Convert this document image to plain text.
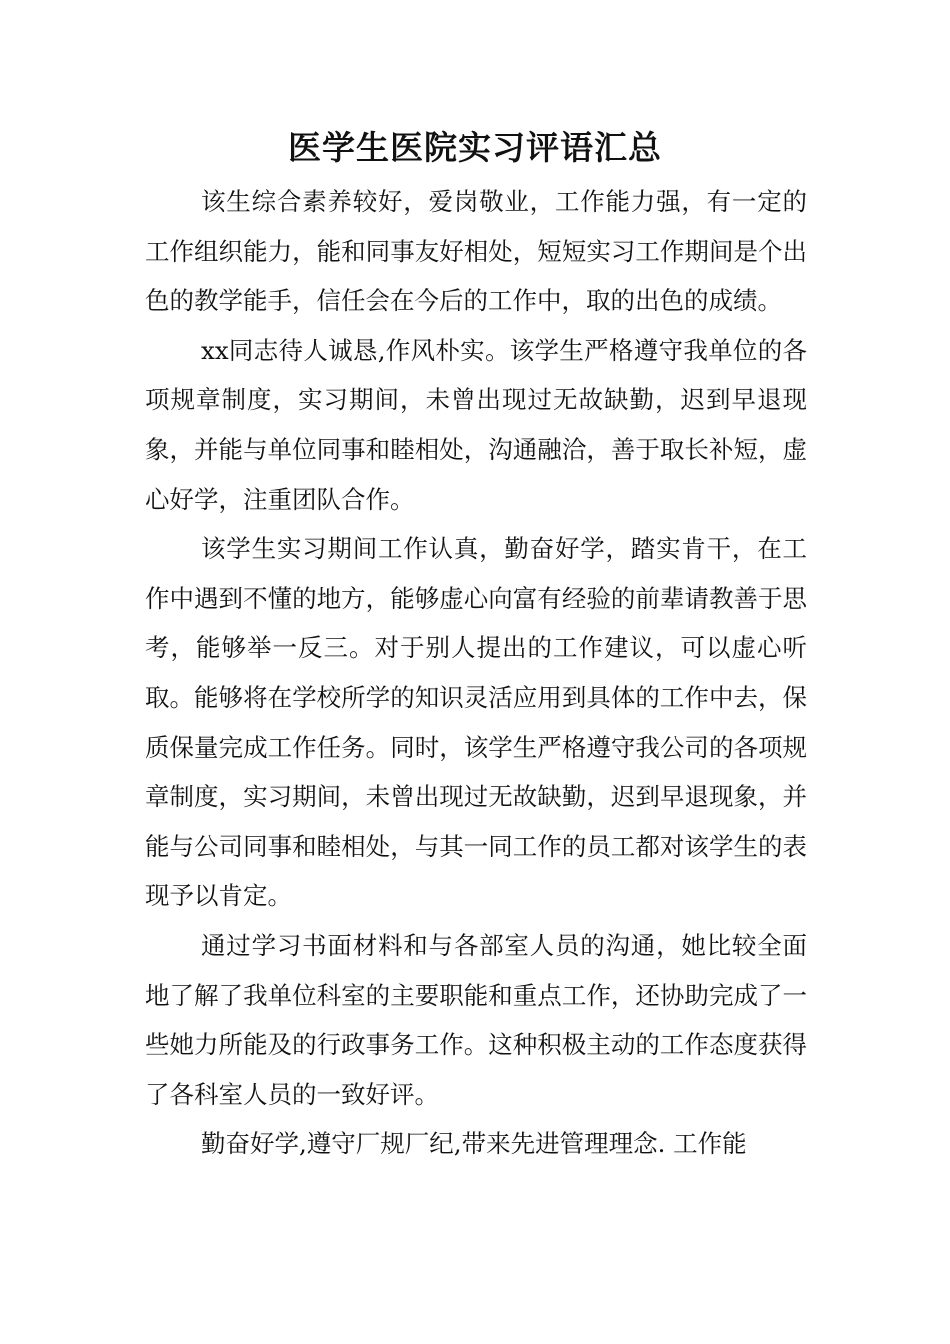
医学生医院实习评语汇总

该生综合素养较好，爱岗敬业，工作能力强，有一定的工作组织能力，能和同事友好相处，短短实习工作期间是个出色的教学能手，信任会在今后的工作中，取的出色的成绩。

xx同志待人诚恳,作风朴实。该学生严格遵守我单位的各项规章制度，实习期间，未曾出现过无故缺勤，迟到早退现象，并能与单位同事和睦相处，沟通融洽，善于取长补短，虚心好学，注重团队合作。

该学生实习期间工作认真，勤奋好学，踏实肯干，在工作中遇到不懂的地方，能够虚心向富有经验的前辈请教善于思考，能够举一反三。对于别人提出的工作建议，可以虚心听取。能够将在学校所学的知识灵活应用到具体的工作中去，保质保量完成工作任务。同时，该学生严格遵守我公司的各项规章制度，实习期间，未曾出现过无故缺勤，迟到早退现象，并能与公司同事和睦相处，与其一同工作的员工都对该学生的表现予以肯定。

通过学习书面材料和与各部室人员的沟通，她比较全面地了解了我单位科室的主要职能和重点工作，还协助完成了一些她力所能及的行政事务工作。这种积极主动的工作态度获得了各科室人员的一致好评。

勤奋好学,遵守厂规厂纪,带来先进管理理念. 工作能
